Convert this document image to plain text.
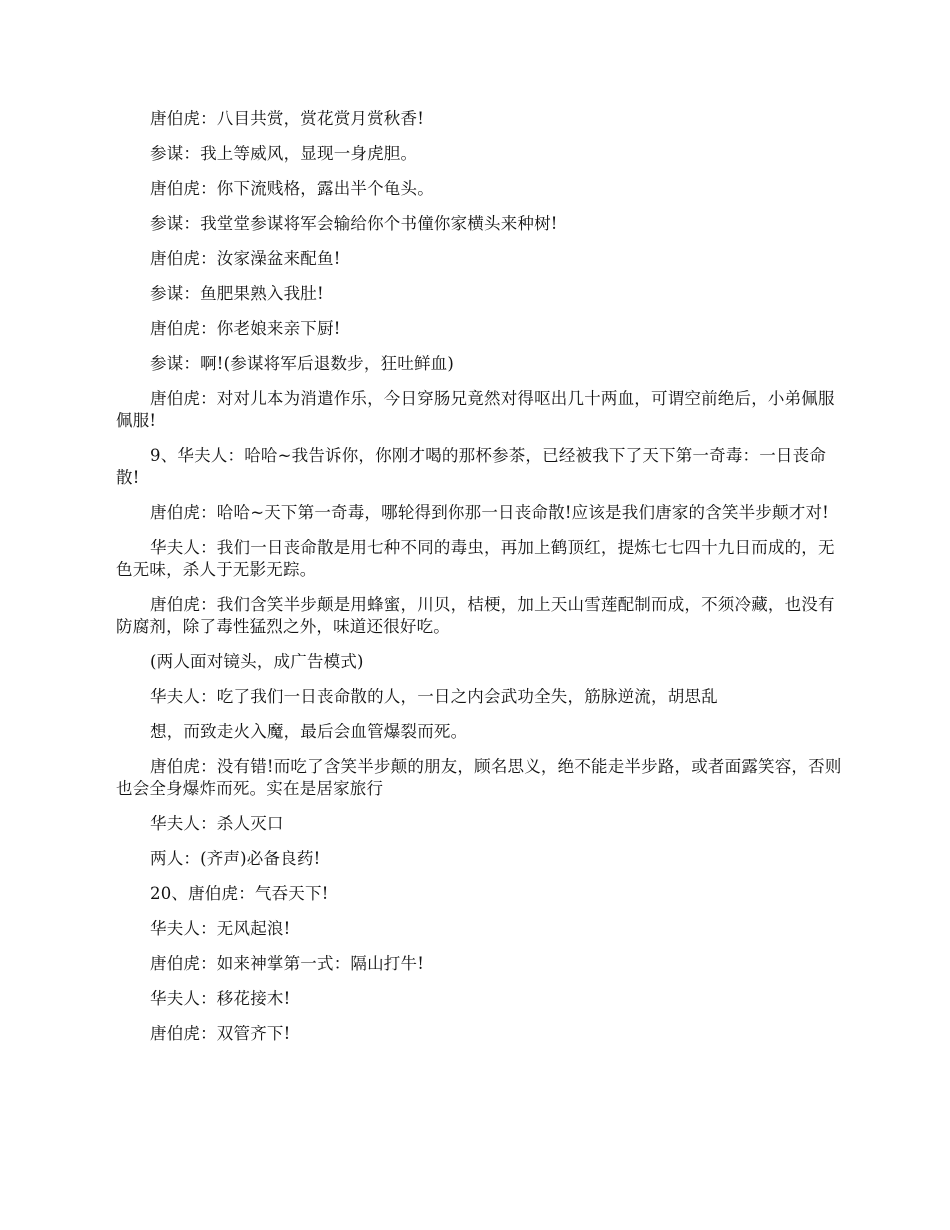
唐伯虎：八目共赏，赏花赏月赏秋香!

参谋：我上等威风，显现一身虎胆。

唐伯虎：你下流贱格，露出半个龟头。

参谋：我堂堂参谋将军会输给你个书僮你家横头来种树!

唐伯虎：汝家澡盆来配鱼!

参谋：鱼肥果熟入我肚!

唐伯虎：你老娘来亲下厨!

参谋：啊!(参谋将军后退数步，狂吐鲜血)

唐伯虎：对对儿本为消遣作乐，今日穿肠兄竟然对得呕出几十两血，可谓空前绝后，小弟佩服佩服!

9、华夫人：哈哈~我告诉你，你刚才喝的那杯参茶，已经被我下了天下第一奇毒：一日丧命散!

唐伯虎：哈哈~天下第一奇毒，哪轮得到你那一日丧命散!应该是我们唐家的含笑半步颠才对!

华夫人：我们一日丧命散是用七种不同的毒虫，再加上鹤顶红，提炼七七四十九日而成的，无色无味，杀人于无影无踪。

唐伯虎：我们含笑半步颠是用蜂蜜，川贝，桔梗，加上天山雪莲配制而成，不须冷藏，也没有防腐剂，除了毒性猛烈之外，味道还很好吃。

(两人面对镜头，成广告模式)

华夫人：吃了我们一日丧命散的人，一日之内会武功全失，筋脉逆流，胡思乱

想，而致走火入魔，最后会血管爆裂而死。

唐伯虎：没有错!而吃了含笑半步颠的朋友，顾名思义，绝不能走半步路，或者面露笑容，否则也会全身爆炸而死。实在是居家旅行

华夫人：杀人灭口

两人：(齐声)必备良药!

20、唐伯虎：气吞天下!

华夫人：无风起浪!

唐伯虎：如来神掌第一式：隔山打牛!

华夫人：移花接木!

唐伯虎：双管齐下!
